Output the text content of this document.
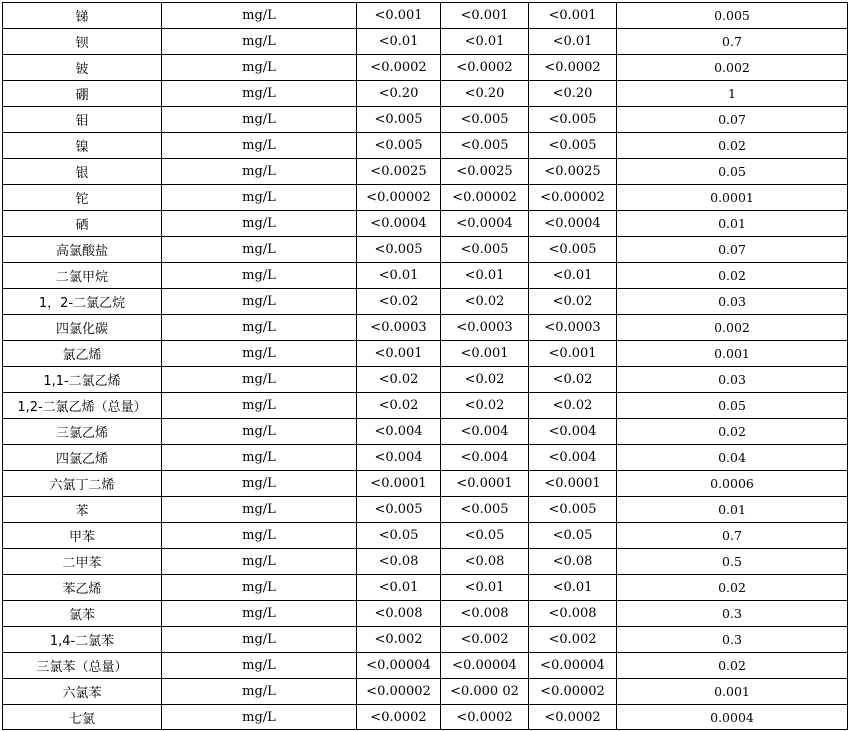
锑	mg/L	<0.001	<0.001	<0.001	0.005
钡	mg/L	<0.01	<0.01	<0.01	0.7
铍	mg/L	<0.0002	<0.0002	<0.0002	0.002
硼	mg/L	<0.20	<0.20	<0.20	1
钼	mg/L	<0.005	<0.005	<0.005	0.07
镍	mg/L	<0.005	<0.005	<0.005	0.02
银	mg/L	<0.0025	<0.0025	<0.0025	0.05
铊	mg/L	<0.00002	<0.00002	<0.00002	0.0001
硒	mg/L	<0.0004	<0.0004	<0.0004	0.01
高氯酸盐	mg/L	<0.005	<0.005	<0.005	0.07
二氯甲烷	mg/L	<0.01	<0.01	<0.01	0.02
1，2-二氯乙烷	mg/L	<0.02	<0.02	<0.02	0.03
四氯化碳	mg/L	<0.0003	<0.0003	<0.0003	0.002
氯乙烯	mg/L	<0.001	<0.001	<0.001	0.001
1,1-二氯乙烯	mg/L	<0.02	<0.02	<0.02	0.03
1,2-二氯乙烯（总量）	mg/L	<0.02	<0.02	<0.02	0.05
三氯乙烯	mg/L	<0.004	<0.004	<0.004	0.02
四氯乙烯	mg/L	<0.004	<0.004	<0.004	0.04
六氯丁二烯	mg/L	<0.0001	<0.0001	<0.0001	0.0006
苯	mg/L	<0.005	<0.005	<0.005	0.01
甲苯	mg/L	<0.05	<0.05	<0.05	0.7
二甲苯	mg/L	<0.08	<0.08	<0.08	0.5
苯乙烯	mg/L	<0.01	<0.01	<0.01	0.02
氯苯	mg/L	<0.008	<0.008	<0.008	0.3
1,4-二氯苯	mg/L	<0.002	<0.002	<0.002	0.3
三氯苯（总量）	mg/L	<0.00004	<0.00004	<0.00004	0.02
六氯苯	mg/L	<0.00002	<0.000 02	<0.00002	0.001
七氯	mg/L	<0.0002	<0.0002	<0.0002	0.0004
